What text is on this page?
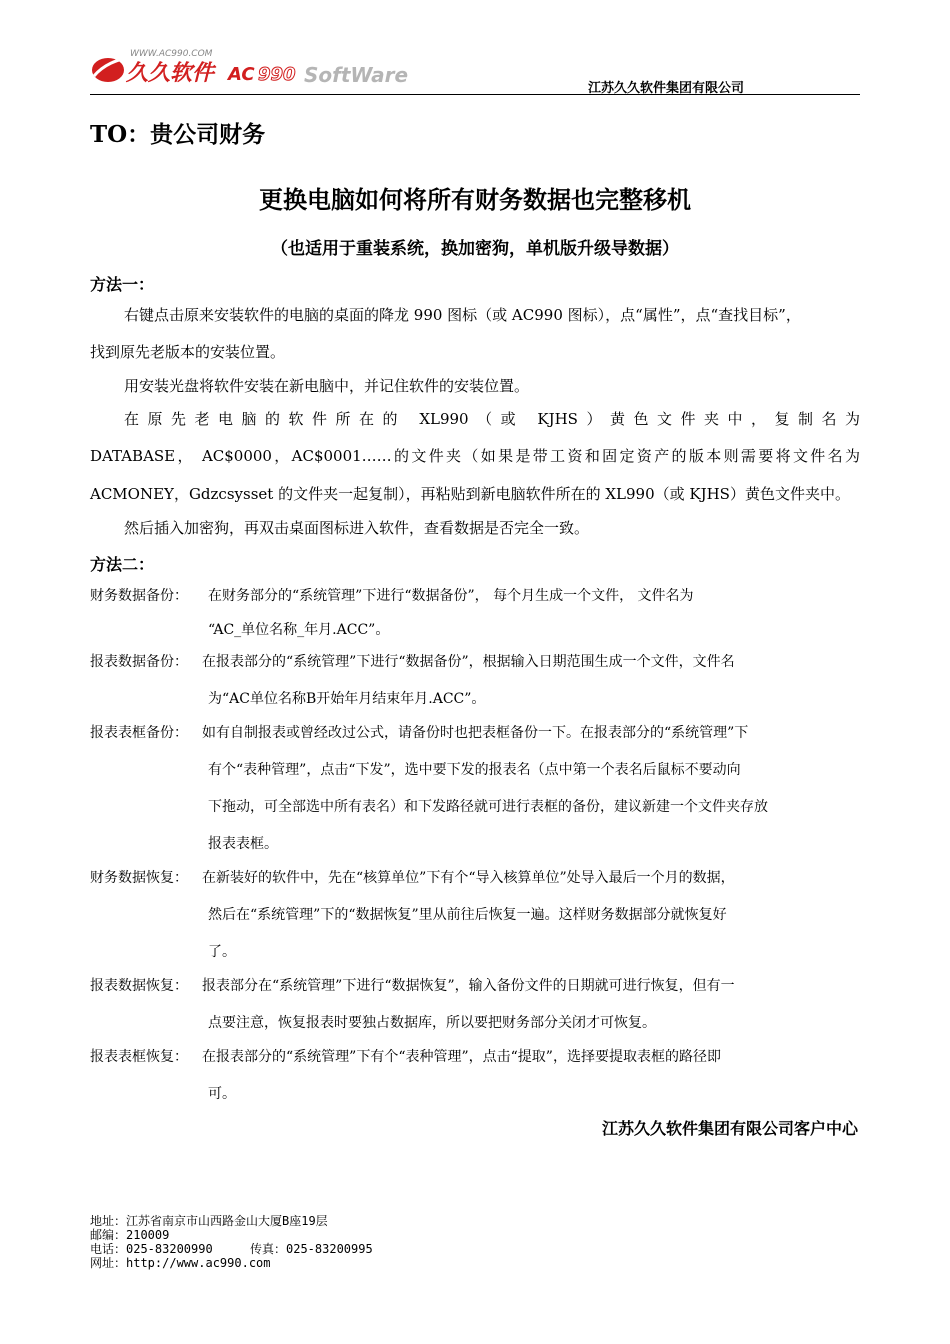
WWW.AC990.COM
久久软件 AC 990 SoftWare
江苏久久软件集团有限公司
TO：贵公司财务
更换电脑如何将所有财务数据也完整移机
（也适用于重装系统，换加密狗，单机版升级导数据）
方法一：
右键点击原来安装软件的电脑的桌面的降龙 990 图标（或 AC990 图标），点“属性”，点“查找目标”，
找到原先老版本的安装位置。
用安装光盘将软件安装在新电脑中，并记住软件的安装位置。
在原先老电脑的软件所在的 XL990（或 KJHS）黄色文件夹中，复制名为
DATABASE， AC$0000，AC$0001……的文件夹（如果是带工资和固定资产的版本则需要将文件名为
ACMONEY，Gdzcsysset 的文件夹一起复制），再粘贴到新电脑软件所在的 XL990（或 KJHS）黄色文件夹中。
然后插入加密狗，再双击桌面图标进入软件，查看数据是否完全一致。
方法二：
财务数据备份： 在财务部分的“系统管理”下进行“数据备份”， 每个月生成一个文件， 文件名为
“AC_单位名称_年月.ACC”。
报表数据备份： 在报表部分的“系统管理”下进行“数据备份”，根据输入日期范围生成一个文件，文件名
为“AC单位名称B开始年月结束年月.ACC”。
报表表框备份： 如有自制报表或曾经改过公式，请备份时也把表框备份一下。在报表部分的“系统管理”下
有个“表种管理”，点击“下发”，选中要下发的报表名（点中第一个表名后鼠标不要动向
下拖动，可全部选中所有表名）和下发路径就可进行表框的备份，建议新建一个文件夹存放
报表表框。
财务数据恢复： 在新装好的软件中，先在“核算单位”下有个“导入核算单位”处导入最后一个月的数据，
然后在“系统管理”下的“数据恢复”里从前往后恢复一遍。这样财务数据部分就恢复好
了。
报表数据恢复： 报表部分在“系统管理”下进行“数据恢复”，输入备份文件的日期就可进行恢复，但有一
点要注意，恢复报表时要独占数据库，所以要把财务部分关闭才可恢复。
报表表框恢复： 在报表部分的“系统管理”下有个“表种管理”，点击“提取”，选择要提取表框的路径即
可。
江苏久久软件集团有限公司客户中心
地址：江苏省南京市山西路金山大厦B座19层
邮编：210009
电话：025-83200990	传真：025-83200995
网址：http://www.ac990.com
